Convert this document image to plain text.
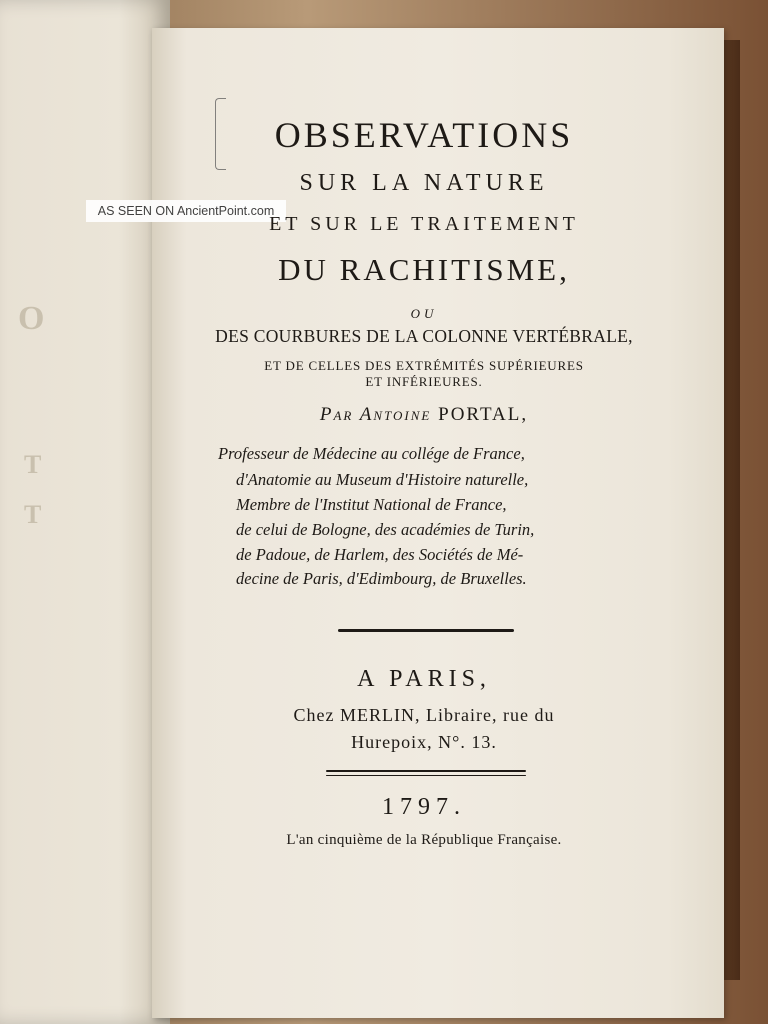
O
T
T
AS SEEN ON AncientPoint.com
OBSERVATIONS
SUR LA NATURE
ET SUR LE TRAITEMENT
DU RACHITISME,
OU
DES COURBURES DE LA COLONNE VERTÉBRALE,
ET DE CELLES DES EXTRÉMITÉS SUPÉRIEURES
ET INFÉRIEURES.
Par Antoine PORTAL,
Professeur de Médecine au collége de France,
d'Anatomie au Museum d'Histoire naturelle,
Membre de l'Institut National de France,
de celui de Bologne, des académies de Turin,
de Padoue, de Harlem, des Sociétés de Mé-
decine de Paris, d'Edimbourg, de Bruxelles.
A PARIS,
Chez MERLIN, Libraire, rue du
Hurepoix, N°. 13.
1797.
L'an cinquième de la République Française.
